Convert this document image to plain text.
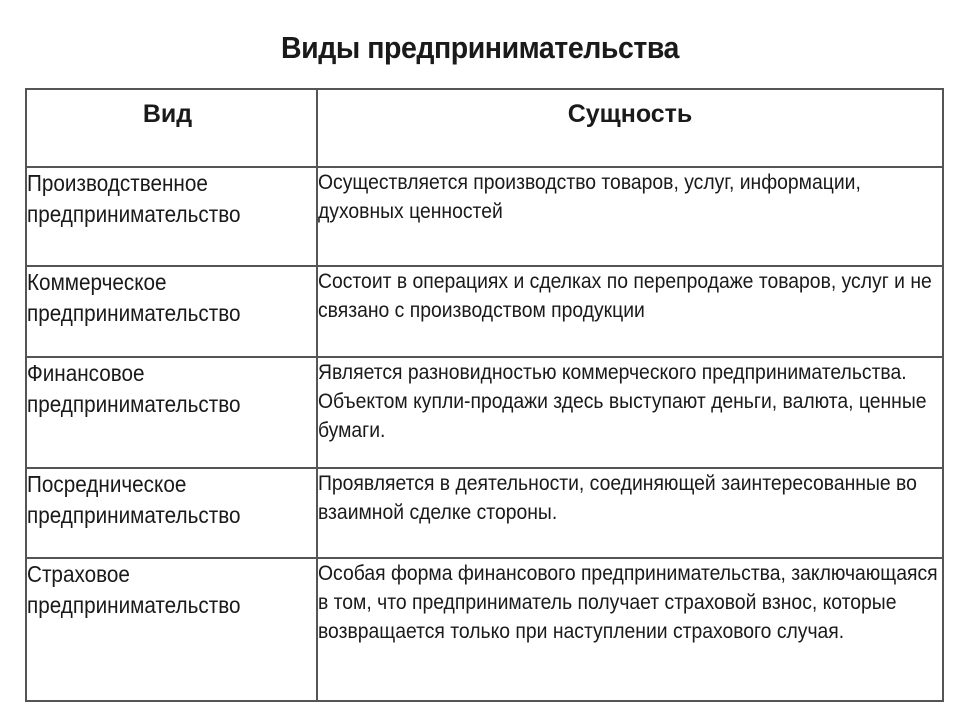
Виды предпринимательства
Вид	Сущность

Производственное предпринимательство	Осуществляется производство товаров, услуг, информации, духовных ценностей

Коммерческое предпринимательство	Состоит в операциях и сделках по перепродаже товаров, услуг и не связано с производством продукции

Финансовое предпринимательство	Является разновидностью коммерческого предпринимательства. Объектом купли-продажи здесь выступают деньги, валюта, ценные бумаги.

Посредническое предпринимательство	Проявляется в деятельности, соединяющей заинтересованные во взаимной сделке стороны.

Страховое предпринимательство	Особая форма финансового предпринимательства, заключающаяся в том, что предприниматель получает страховой взнос, которые возвращается только при наступлении страхового случая.
